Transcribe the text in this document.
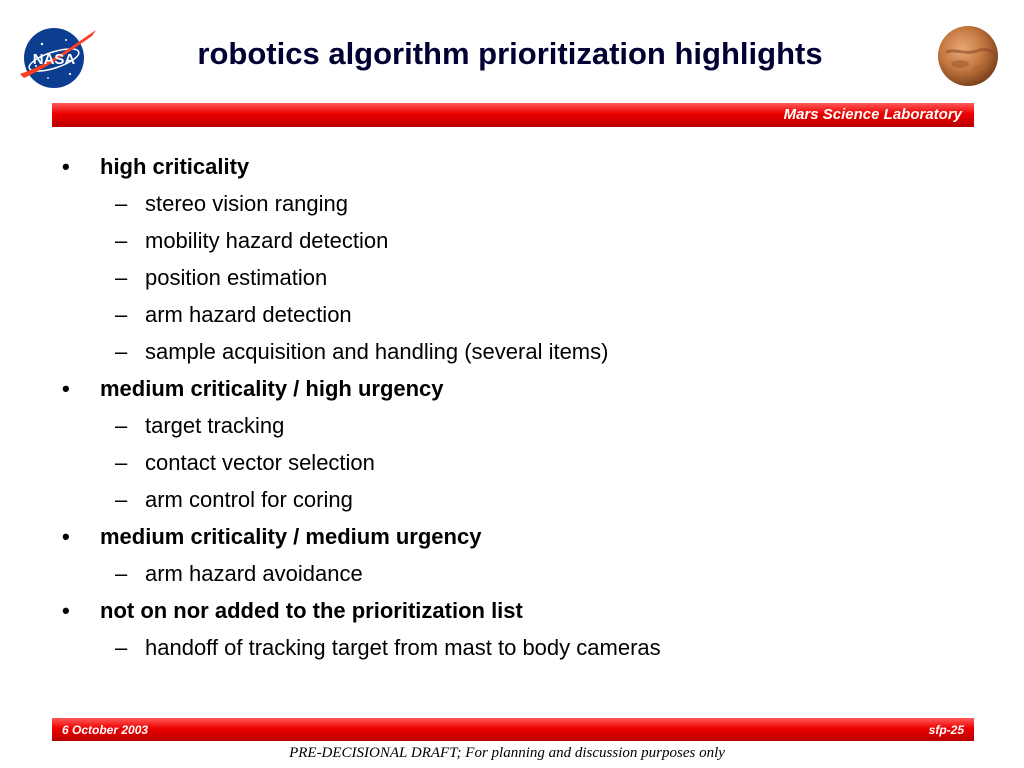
NASA	robotics algorithm prioritization highlights
Mars Science Laboratory
• high criticality
– stereo vision ranging
– mobility hazard detection
– position estimation
– arm hazard detection
– sample acquisition and handling (several items)
• medium criticality / high urgency
– target tracking
– contact vector selection
– arm control for coring
• medium criticality / medium urgency
– arm hazard avoidance
• not on nor added to the prioritization list
– handoff of tracking target from mast to body cameras
6 October 2003	sfp-25
PRE-DECISIONAL DRAFT; For planning and discussion purposes only
